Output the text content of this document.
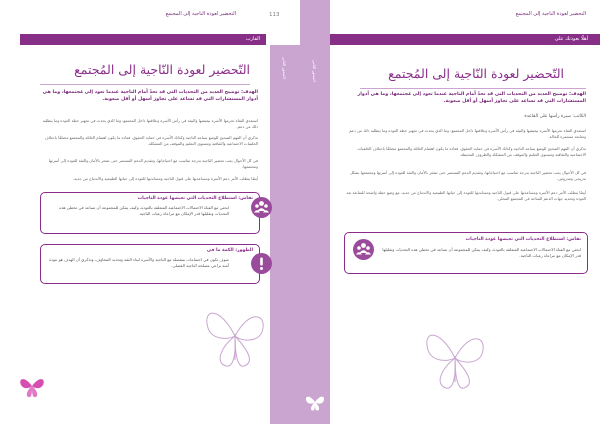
113
التحضير لعودة الناجية إلى المجتمع
الفارب
المحور الثاني
التّحضير لعودة النّاجية إلى المُجتمع
الهدف: توضيح العديد من التحديات التي قد تحدّ أمام الناجية عندما تعود إلى مُجتمعها، وما هي أدوار المستشارات التي قد تساعد على تجاوز أسهل أو أقل صعوبة.
استعدي الفتاة تحرمها الأسرة بيعيشها والبيئة في رأس الأسرة وعلاقتها داخل المجتمع، وما الذي يحدث في تجهيز خطة العودة وما يتطلبه ذلك من دعم.
تذكري أن الفهم الصحيح للوضع يساعد الناجية وكذلك الأسرة في حماية الحقوق، فعادة ما يكون اهتمام العائلة والمجتمع مختلفًا باختلاف الخلفيات الاجتماعية والثقافية ومستوى التعليم والموقف من المشكلة.
في كل الأحوال يجب تحضير الناجية بدرجة تتناسب مع احتياجاتها، وتقديم الدعم المستمر حتى تشعر بالأمان والثقة للعودة إلى أسرتها ومجتمعها.
أيضًا يتطلب الأمر دعم الأسرة ومساعدتها على قبول الناجية ومساندتها للعودة إلى حياتها الطبيعية والاندماج من جديد.
نقاش: استطلاع التحديات التي تعيشها عودة الناجيات
ابحثي مع الفتاة الاحتمالات الاجتماعية المتعلقة بالعودة، وكيف يمكن للمجموعة أن تساعد في تخطي هذه التحديات وتقليلها قدر الإمكان مع مراعاة رغبات الناجية.
الظهور: الكمة ما في
سوف نكون في اجتماعات منفصلة مع الناجية والأسرة لبناء الثقة وتحديد المخاوف، وتذكري أن الهدف هو عودة آمنة تراعي مصلحة الناجية الفضلى.
التحضير لعودة الناجية إلى المجتمع
المحور الثاني
أهلًا بعودتك على
التّحضير لعودة النّاجية إلى المُجتمع
الهدف: توضيح العديد من التحديات التي قد تحدّ أمام الناجية عندما تعود إلى مُجتمعها، وما هي أدوار المستشارات التي قد تساعد على تجاوز أسهل أو أقل صعوبة.
الكاتب: سيرة رأسها على القاعدة
استعدي الفتاة تحرمها الأسرة بيعيشها والبيئة في رأس الأسرة وعلاقتها داخل المجتمع، وما الذي يحدث في تجهيز خطة العودة وما يتطلبه ذلك من دعم ومتابعة مستمرة للحالة.
تذكري أن الفهم الصحيح للوضع يساعد الناجية وكذلك الأسرة في حماية الحقوق، فعادة ما يكون اهتمام العائلة والمجتمع مختلفًا باختلاف الخلفيات الاجتماعية والثقافية ومستوى التعليم والموقف من المشكلة والظروف المحيطة.
في كل الأحوال يجب تحضير الناجية بدرجة تتناسب مع احتياجاتها، وتقديم الدعم المستمر حتى تشعر بالأمان والثقة للعودة إلى أسرتها ومجتمعها بشكل تدريجي ومدروس.
أيضًا يتطلب الأمر دعم الأسرة ومساعدتها على قبول الناجية ومساندتها للعودة إلى حياتها الطبيعية والاندماج من جديد، مع وضع خطة واضحة للمتابعة بعد العودة وتحديد جهات الدعم المتاحة في المجتمع المحلي.
نقاش: استطلاع التحديات التي تعيشها عودة الناجيات
ابحثي مع الفتاة الاحتمالات الاجتماعية المتعلقة بالعودة، وكيف يمكن للمجموعة أن تساعد في تخطي هذه التحديات وتقليلها قدر الإمكان مع مراعاة رغبات الناجية.
